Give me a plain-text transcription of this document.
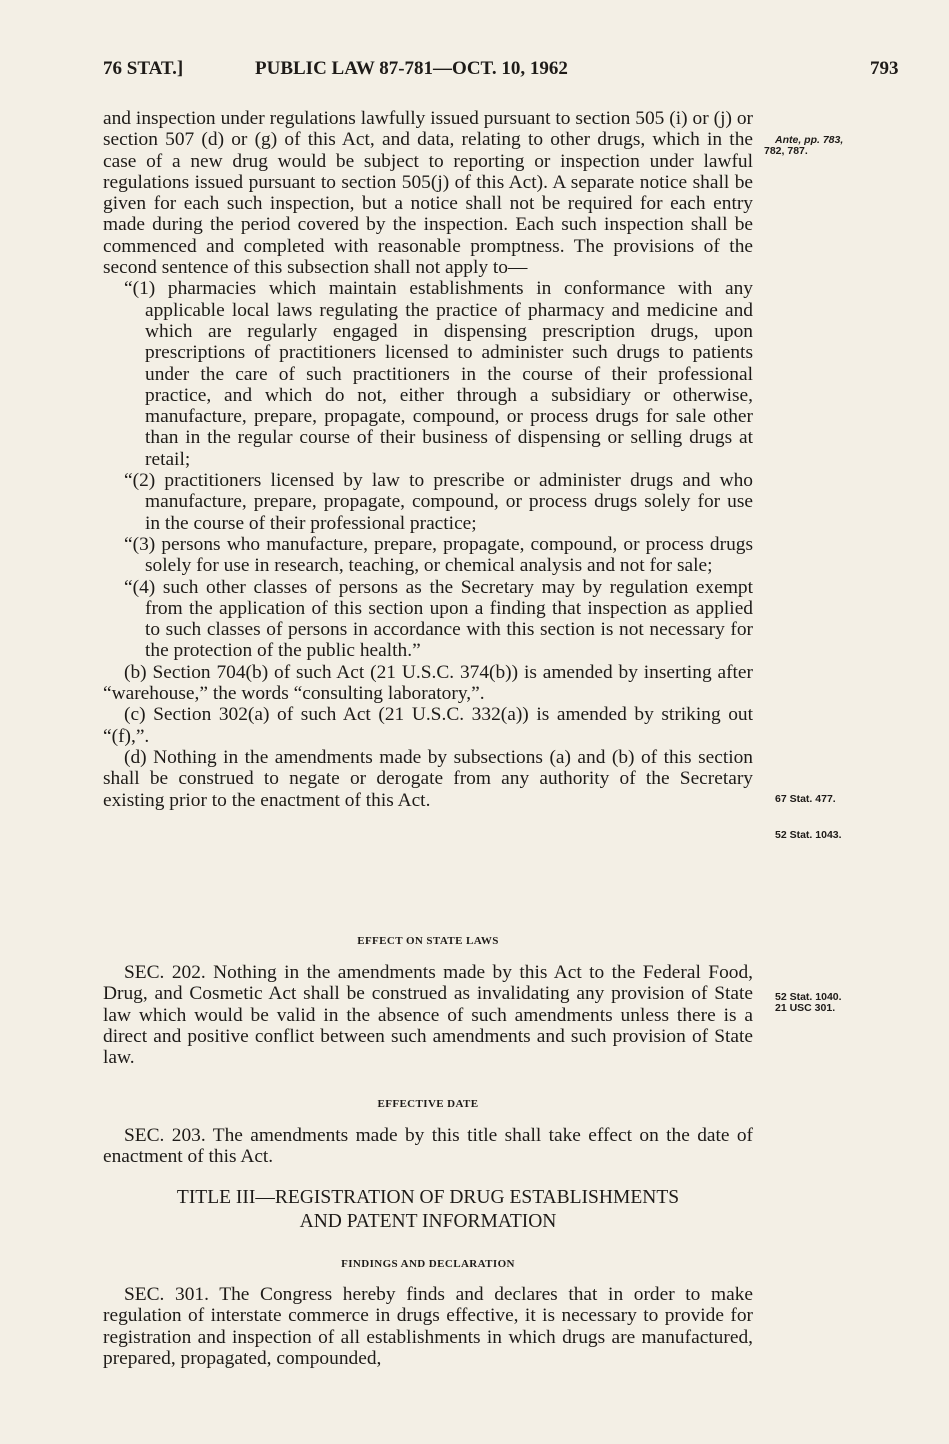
76 STAT.]	PUBLIC LAW 87-781—OCT. 10, 1962	793

and inspection under regulations lawfully issued pursuant to section 505 (i) or (j) or section 507 (d) or (g) of this Act, and data, relating to other drugs, which in the case of a new drug would be subject to reporting or inspection under lawful regulations issued pursuant to section 505(j) of this Act). A separate notice shall be given for each such inspection, but a notice shall not be required for each entry made during the period covered by the inspection. Each such inspection shall be commenced and completed with reasonable promptness. The provisions of the second sentence of this subsection shall not apply to—

“(1) pharmacies which maintain establishments in conformance with any applicable local laws regulating the practice of pharmacy and medicine and which are regularly engaged in dispensing prescription drugs, upon prescriptions of practitioners licensed to administer such drugs to patients under the care of such practitioners in the course of their professional practice, and which do not, either through a subsidiary or otherwise, manufacture, prepare, propagate, compound, or process drugs for sale other than in the regular course of their business of dispensing or selling drugs at retail;

“(2) practitioners licensed by law to prescribe or administer drugs and who manufacture, prepare, propagate, compound, or process drugs solely for use in the course of their professional practice;

“(3) persons who manufacture, prepare, propagate, compound, or process drugs solely for use in research, teaching, or chemical analysis and not for sale;

“(4) such other classes of persons as the Secretary may by regulation exempt from the application of this section upon a finding that inspection as applied to such classes of persons in accordance with this section is not necessary for the protection of the public health.”

(b) Section 704(b) of such Act (21 U.S.C. 374(b)) is amended by inserting after “warehouse,” the words “consulting laboratory,”.

(c) Section 302(a) of such Act (21 U.S.C. 332(a)) is amended by striking out “(f),”.

(d) Nothing in the amendments made by subsections (a) and (b) of this section shall be construed to negate or derogate from any authority of the Secretary existing prior to the enactment of this Act.

EFFECT ON STATE LAWS

SEC. 202. Nothing in the amendments made by this Act to the Federal Food, Drug, and Cosmetic Act shall be construed as invalidating any provision of State law which would be valid in the absence of such amendments unless there is a direct and positive conflict between such amendments and such provision of State law.

EFFECTIVE DATE

SEC. 203. The amendments made by this title shall take effect on the date of enactment of this Act.

TITLE III—REGISTRATION OF DRUG ESTABLISHMENTS
AND PATENT INFORMATION
FINDINGS AND DECLARATION

SEC. 301. The Congress hereby finds and declares that in order to make regulation of interstate commerce in drugs effective, it is necessary to provide for registration and inspection of all establishments in which drugs are manufactured, prepared, propagated, compounded,

Ante, pp. 783,
782, 787.
67 Stat. 477.
52 Stat. 1043.
52 Stat. 1040.
21 USC 301.
